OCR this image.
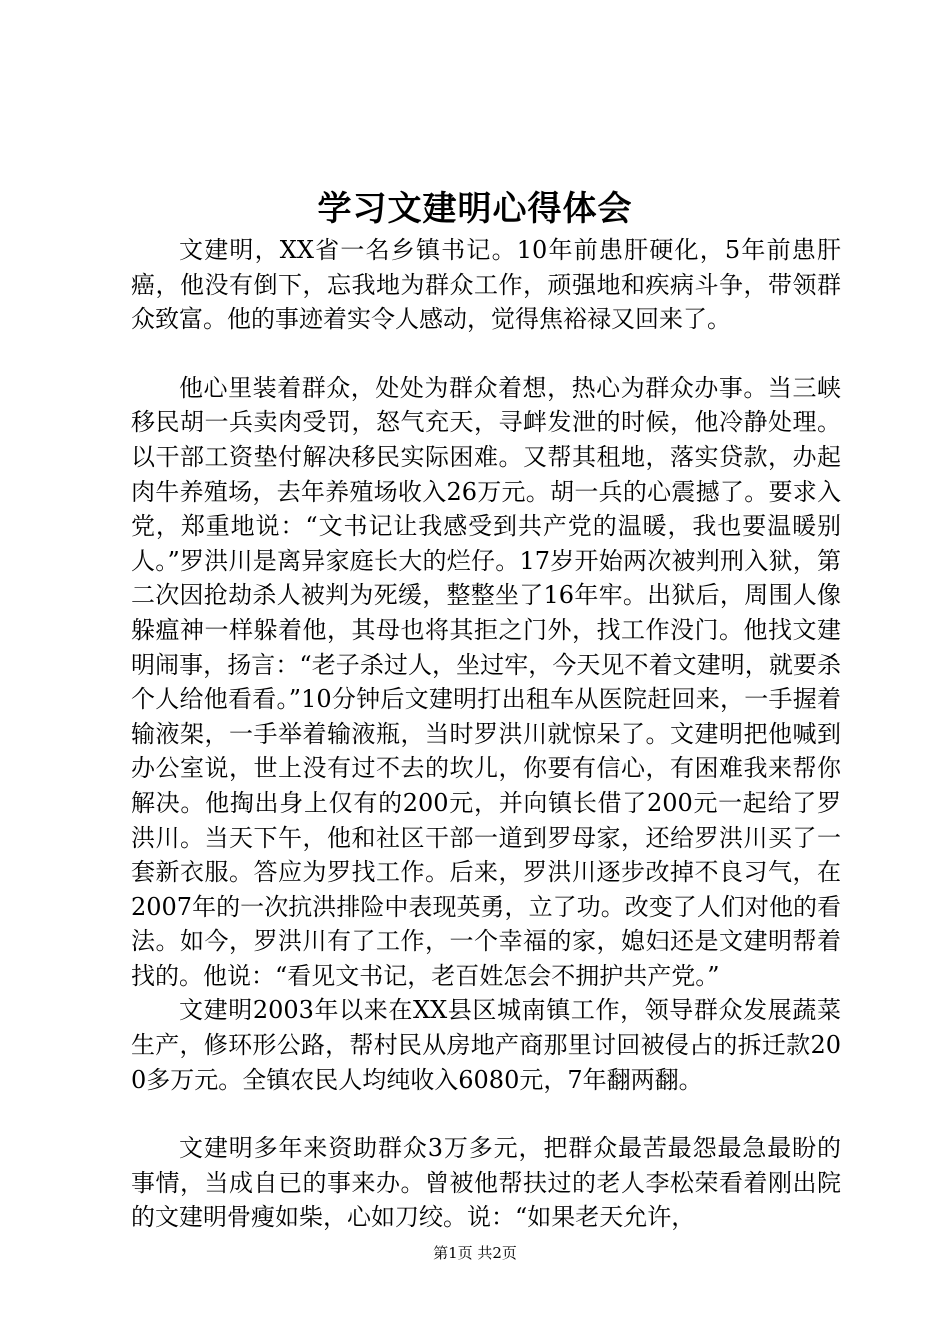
学习文建明心得体会

文建明，XX省一名乡镇书记。10年前患肝硬化，5年前患肝癌，他没有倒下，忘我地为群众工作，顽强地和疾病斗争，带领群众致富。他的事迹着实令人感动，觉得焦裕禄又回来了。

他心里装着群众，处处为群众着想，热心为群众办事。当三峡移民胡一兵卖肉受罚，怒气充天，寻衅发泄的时候，他冷静处理。以干部工资垫付解决移民实际困难。又帮其租地，落实贷款，办起肉牛养殖场，去年养殖场收入26万元。胡一兵的心震撼了。要求入党，郑重地说：“文书记让我感受到共产党的温暖，我也要温暖别人。”罗洪川是离异家庭长大的烂仔。17岁开始两次被判刑入狱，第二次因抢劫杀人被判为死缓，整整坐了16年牢。出狱后，周围人像躲瘟神一样躲着他，其母也将其拒之门外，找工作没门。他找文建明闹事，扬言：“老子杀过人，坐过牢，今天见不着文建明，就要杀个人给他看看。”10分钟后文建明打出租车从医院赶回来，一手握着输液架，一手举着输液瓶，当时罗洪川就惊呆了。文建明把他喊到办公室说，世上没有过不去的坎儿，你要有信心，有困难我来帮你解决。他掏出身上仅有的200元，并向镇长借了200元一起给了罗洪川。当天下午，他和社区干部一道到罗母家，还给罗洪川买了一套新衣服。答应为罗找工作。后来，罗洪川逐步改掉不良习气，在2007年的一次抗洪排险中表现英勇，立了功。改变了人们对他的看法。如今，罗洪川有了工作，一个幸福的家，媳妇还是文建明帮着找的。他说：“看见文书记，老百姓怎会不拥护共产党。”

文建明2003年以来在XX县区城南镇工作，领导群众发展蔬菜生产，修环形公路，帮村民从房地产商那里讨回被侵占的拆迁款200多万元。全镇农民人均纯收入6080元，7年翻两翻。

文建明多年来资助群众3万多元，把群众最苦最怨最急最盼的事情，当成自已的事来办。曾被他帮扶过的老人李松荣看着刚出院的文建明骨瘦如柴，心如刀绞。说：“如果老天允许，

第1页 共2页
